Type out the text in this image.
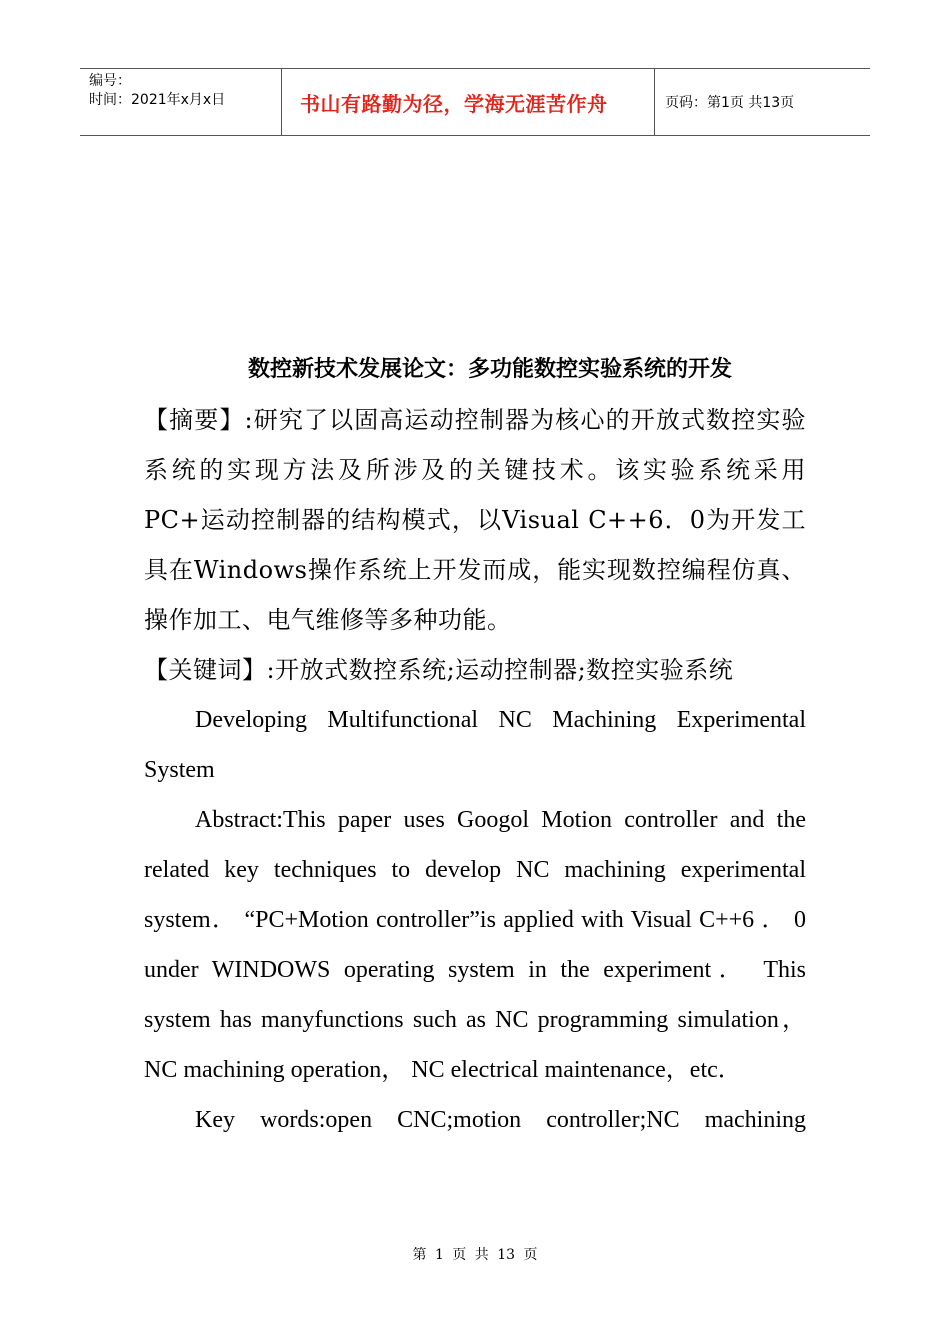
编号：
时间：2021年x月x日	书山有路勤为径，学海无涯苦作舟	页码：第1页 共13页
数控新技术发展论文：多功能数控实验系统的开发

【摘要】:研究了以固高运动控制器为核心的开放式数控实验系统的实现方法及所涉及的关键技术。该实验系统采用PC+运动控制器的结构模式，以Visual C++6．0为开发工具在Windows操作系统上开发而成，能实现数控编程仿真、操作加工、电气维修等多种功能。

【关键词】:开放式数控系统;运动控制器;数控实验系统

Developing Multifunctional NC Machining Experimental System

Abstract:This paper uses Googol Motion controller and the related key techniques to develop NC machining experimental system． “PC+Motion controller”is applied with Visual C++6 ． 0 under WINDOWS operating system in the experiment． This system has manyfunctions such as NC programming simulation， NC machining operation， NC electrical maintenance，etc．

Key words:open CNC;motion controller;NC machining

第 1 页 共 13 页
